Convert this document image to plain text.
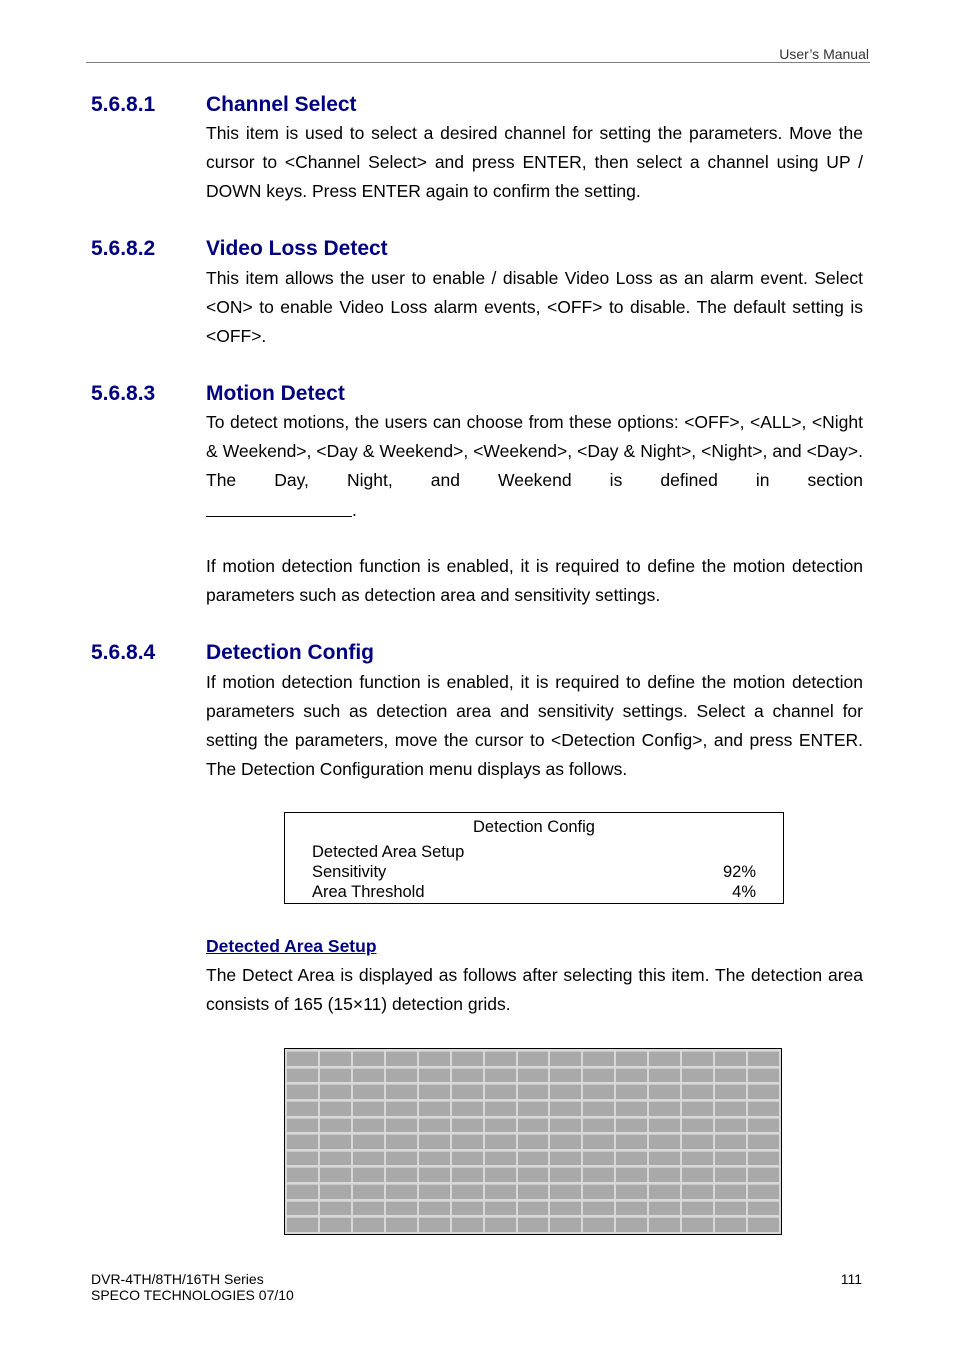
User’s Manual
5.6.8.1 Channel Select

This item is used to select a desired channel for setting the parameters. Move the cursor to <Channel Select> and press ENTER, then select a channel using UP / DOWN keys. Press ENTER again to confirm the setting.

5.6.8.2 Video Loss Detect

This item allows the user to enable / disable Video Loss as an alarm event. Select <ON> to enable Video Loss alarm events, <OFF> to disable. The default setting is <OFF>.

5.6.8.3 Motion Detect

To detect motions, the users can choose from these options: <OFF>, <ALL>, <Night & Weekend>, <Day & Weekend>, <Weekend>, <Day & Night>, <Night>, and <Day>. The Day, Night, and Weekend is defined in section

.

If motion detection function is enabled, it is required to define the motion detection parameters such as detection area and sensitivity settings.

5.6.8.4 Detection Config

If motion detection function is enabled, it is required to define the motion detection parameters such as detection area and sensitivity settings. Select a channel for setting the parameters, move the cursor to <Detection Config>, and press ENTER. The Detection Configuration menu displays as follows.

Detection Config
Detected Area Setup
Sensitivity	92%
Area Threshold	4%
Detected Area Setup

The Detect Area is displayed as follows after selecting this item. The detection area consists of 165 (15×11) detection grids.

DVR-4TH/8TH/16TH Series
SPECO TECHNOLOGIES 07/10
111
